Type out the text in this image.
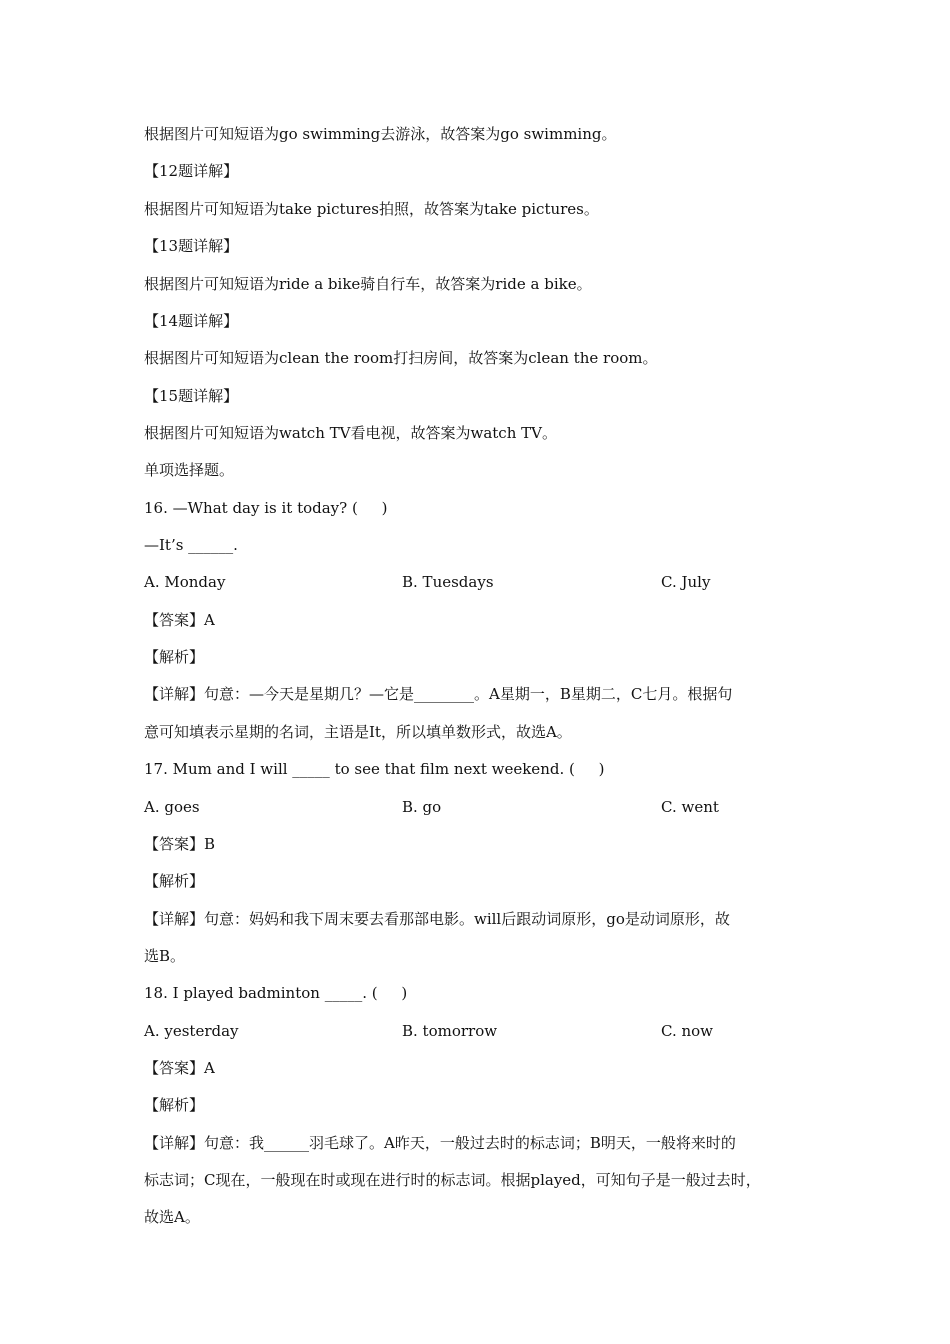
根据图片可知短语为go swimming去游泳，故答案为go swimming。
【12题详解】
根据图片可知短语为take pictures拍照，故答案为take pictures。
【13题详解】
根据图片可知短语为ride a bike骑自行车，故答案为ride a bike。
【14题详解】
根据图片可知短语为clean the room打扫房间，故答案为clean the room。
【15题详解】
根据图片可知短语为watch TV看电视，故答案为watch TV。
单项选择题。
16. —What day is it today? (     )
—It’s ______.
A. Monday	B. Tuesdays	C. July
【答案】A
【解析】
【详解】句意：—今天是星期几？—它是________。A星期一，B星期二，C七月。根据句
意可知填表示星期的名词，主语是It，所以填单数形式，故选A。
17. Mum and I will _____ to see that film next weekend. (     )
A. goes	B. go	C. went
【答案】B
【解析】
【详解】句意：妈妈和我下周末要去看那部电影。will后跟动词原形，go是动词原形，故
选B。
18. I played badminton _____. (     )
A. yesterday	B. tomorrow	C. now
【答案】A
【解析】
【详解】句意：我______羽毛球了。A昨天，一般过去时的标志词；B明天，一般将来时的
标志词；C现在，一般现在时或现在进行时的标志词。根据played，可知句子是一般过去时，
故选A。
